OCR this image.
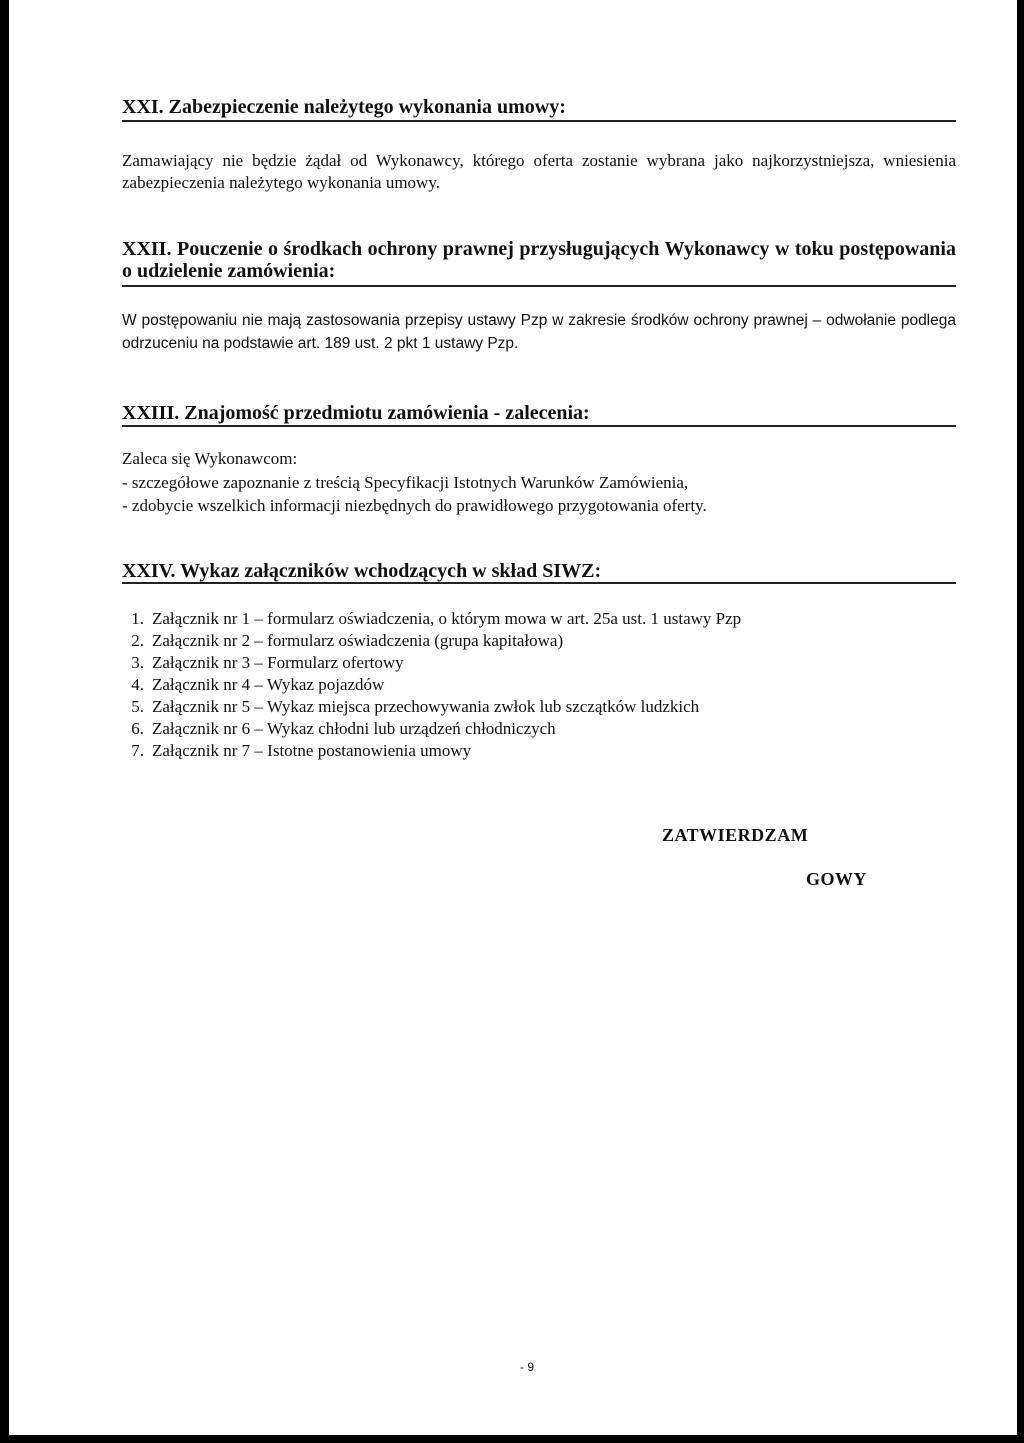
XXI. Zabezpieczenie należytego wykonania umowy:
Zamawiający nie będzie żądał od Wykonawcy, którego oferta zostanie wybrana jako najkorzystniejsza, wniesienia zabezpieczenia należytego wykonania umowy.
XXII. Pouczenie o środkach ochrony prawnej przysługujących Wykonawcy w toku postępowania o udzielenie zamówienia:
W postępowaniu nie mają zastosowania przepisy ustawy Pzp w zakresie środków ochrony prawnej – odwołanie podlega odrzuceniu na podstawie art. 189 ust. 2 pkt 1 ustawy Pzp.
XXIII. Znajomość przedmiotu zamówienia - zalecenia:
Zaleca się Wykonawcom:
- szczegółowe zapoznanie z treścią Specyfikacji Istotnych Warunków Zamówienia,
- zdobycie wszelkich informacji niezbędnych do prawidłowego przygotowania oferty.
XXIV. Wykaz załączników wchodzących w skład SIWZ:
1. Załącznik nr 1 – formularz oświadczenia, o którym mowa w art. 25a ust. 1 ustawy Pzp
2. Załącznik nr 2 – formularz oświadczenia (grupa kapitałowa)
3. Załącznik nr 3 – Formularz ofertowy
4. Załącznik nr 4 – Wykaz pojazdów
5. Załącznik nr 5 – Wykaz miejsca przechowywania zwłok lub szczątków ludzkich
6. Załącznik nr 6 – Wykaz chłodni lub urządzeń chłodniczych
7. Załącznik nr 7 – Istotne postanowienia umowy
ZATWIERDZAM
GOWY
- 9
